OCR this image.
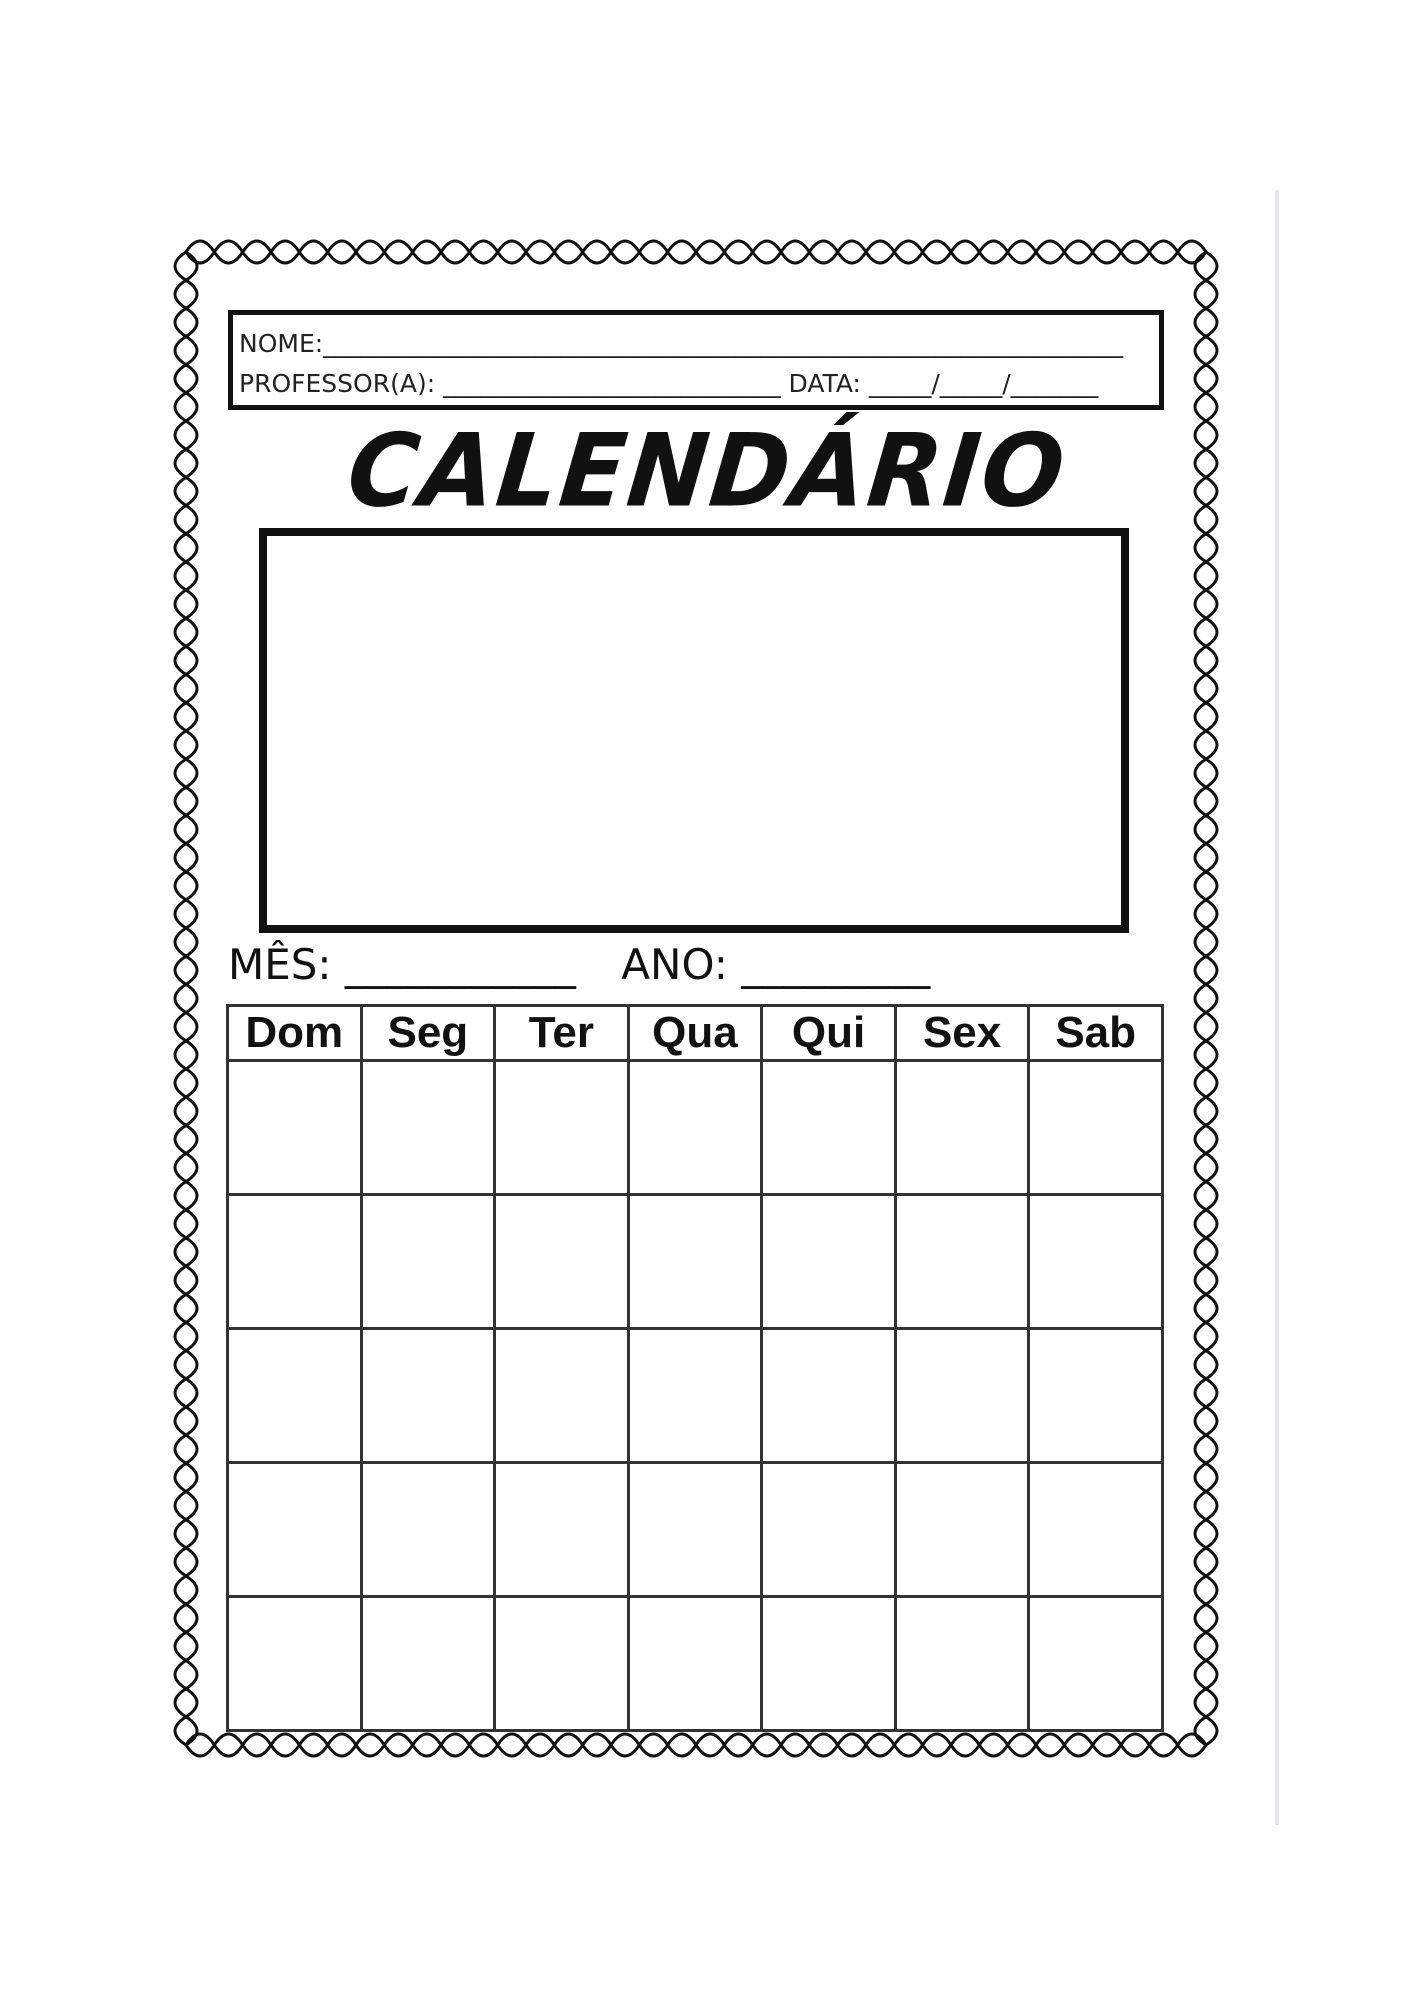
NOME:________________________________________________________________
PROFESSOR(A): ___________________________ DATA: _____/_____/_______
CALENDÁRIO
MÊS: ___________ ANO: _________
Dom	Seg	Ter	Qua	Qui	Sex	Sab
